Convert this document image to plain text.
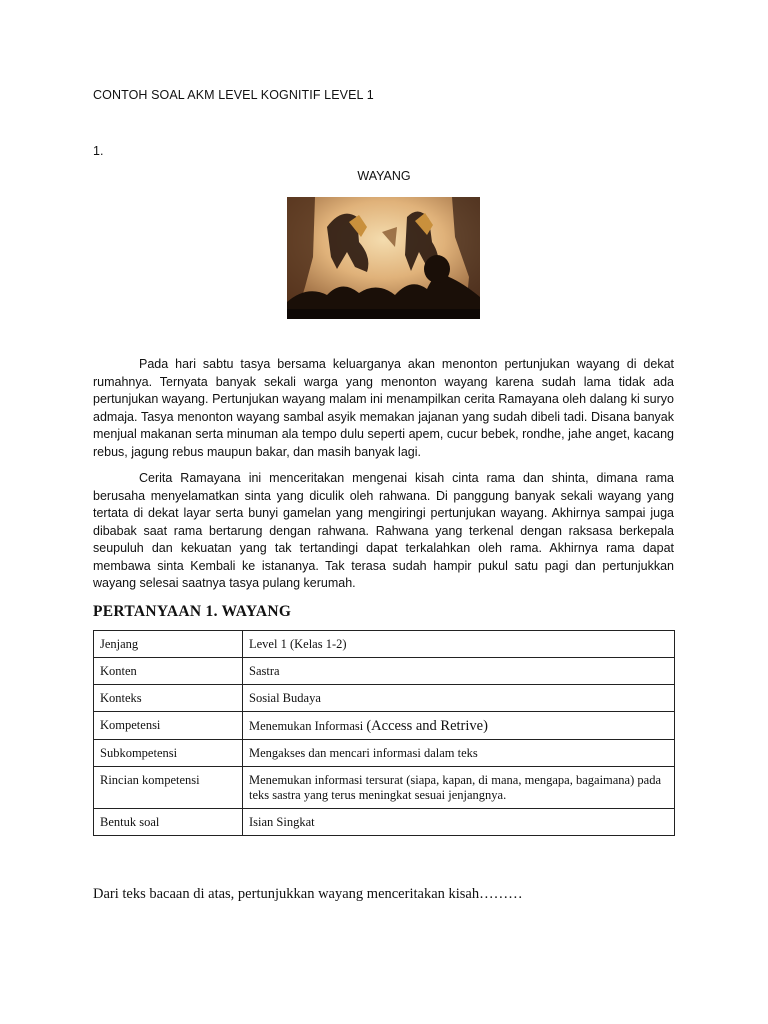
CONTOH SOAL AKM LEVEL KOGNITIF LEVEL 1
1.
WAYANG

Pada hari sabtu tasya bersama keluarganya akan menonton pertunjukan wayang di dekat rumahnya. Ternyata banyak sekali warga yang menonton wayang karena sudah lama tidak ada pertunjukan wayang. Pertunjukan wayang malam ini menampilkan cerita Ramayana oleh dalang ki suryo admaja. Tasya menonton wayang sambal asyik memakan jajanan yang sudah dibeli tadi. Disana banyak menjual makanan serta minuman ala tempo dulu seperti apem, cucur bebek, rondhe, jahe anget, kacang rebus, jagung rebus maupun bakar, dan masih banyak lagi.

Cerita Ramayana ini menceritakan mengenai kisah cinta rama dan shinta, dimana rama berusaha menyelamatkan sinta yang diculik oleh rahwana. Di panggung banyak sekali wayang yang tertata di dekat layar serta bunyi gamelan yang mengiringi pertunjukan wayang. Akhirnya sampai juga dibabak saat rama bertarung dengan rahwana. Rahwana yang terkenal dengan raksasa berkepala seupuluh dan kekuatan yang tak tertandingi dapat terkalahkan oleh rama. Akhirnya rama dapat membawa sinta Kembali ke istananya. Tak terasa sudah hampir pukul satu pagi dan pertunjukkan wayang selesai saatnya tasya pulang kerumah.

PERTANYAAN 1. WAYANG
Jenjang	Level 1 (Kelas 1-2)
Konten	Sastra
Konteks	Sosial Budaya
Kompetensi	Menemukan Informasi (Access and Retrive)
Subkompetensi	Mengakses dan mencari informasi dalam teks
Rincian kompetensi	Menemukan informasi tersurat (siapa, kapan, di mana, mengapa, bagaimana) pada teks sastra yang terus meningkat sesuai jenjangnya.
Bentuk soal	Isian Singkat
Dari teks bacaan di atas, pertunjukkan wayang menceritakan kisah………
